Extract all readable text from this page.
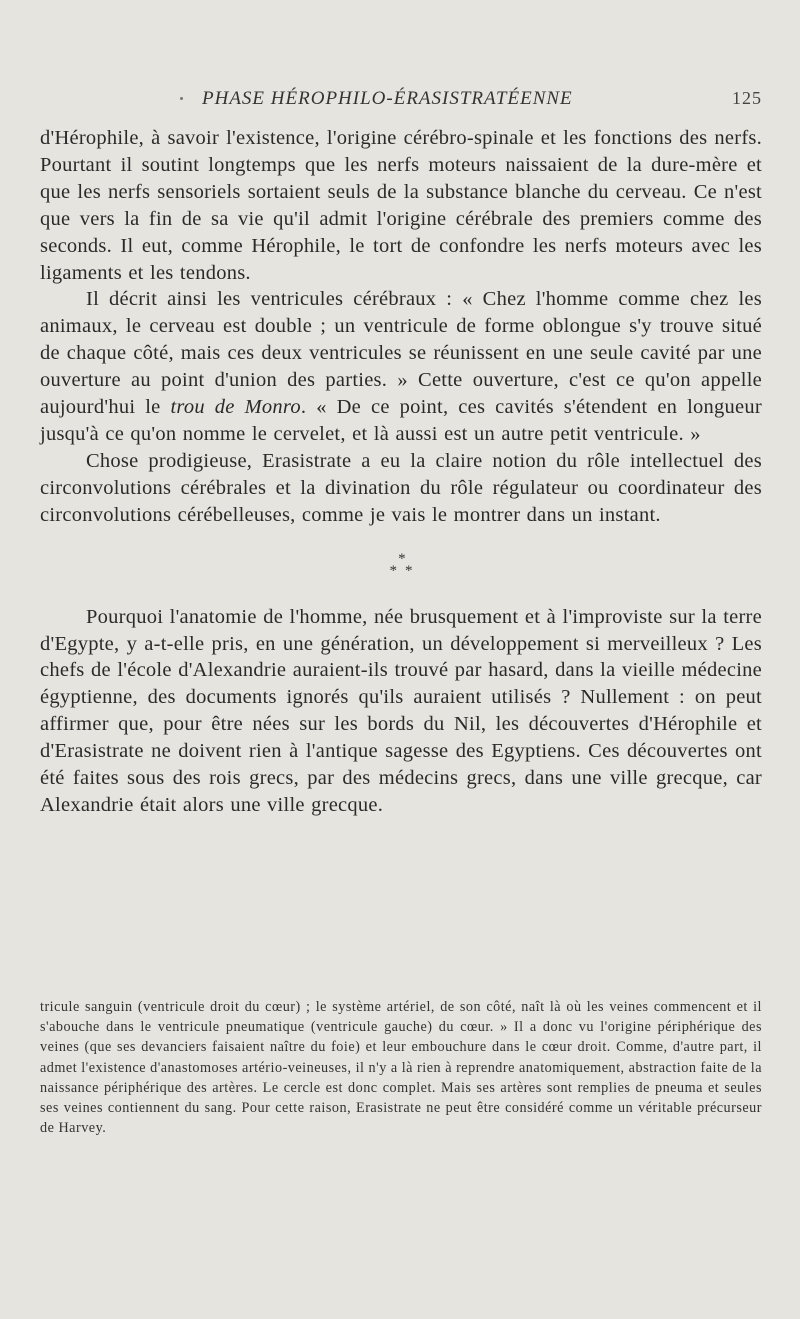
PHASE HÉROPHILO-ÉRASISTRATÉENNE	125

d'Hérophile, à savoir l'existence, l'origine cérébro-spinale et les fonctions des nerfs. Pourtant il soutint longtemps que les nerfs moteurs naissaient de la dure-mère et que les nerfs sensoriels sortaient seuls de la substance blanche du cerveau. Ce n'est que vers la fin de sa vie qu'il admit l'origine cérébrale des premiers comme des seconds. Il eut, comme Hérophile, le tort de confondre les nerfs moteurs avec les ligaments et les tendons.

Il décrit ainsi les ventricules cérébraux : « Chez l'homme comme chez les animaux, le cerveau est double ; un ventricule de forme oblongue s'y trouve situé de chaque côté, mais ces deux ventricules se réunissent en une seule cavité par une ouverture au point d'union des parties. » Cette ouverture, c'est ce qu'on appelle aujourd'hui le trou de Monro. « De ce point, ces cavités s'étendent en longueur jusqu'à ce qu'on nomme le cervelet, et là aussi est un autre petit ventricule. »

Chose prodigieuse, Erasistrate a eu la claire notion du rôle intellectuel des circonvolutions cérébrales et la divination du rôle régulateur ou coordinateur des circonvolutions cérébelleuses, comme je vais le montrer dans un instant.

*
**

Pourquoi l'anatomie de l'homme, née brusquement et à l'improviste sur la terre d'Egypte, y a-t-elle pris, en une génération, un développement si merveilleux ? Les chefs de l'école d'Alexandrie auraient-ils trouvé par hasard, dans la vieille médecine égyptienne, des documents ignorés qu'ils auraient utilisés ? Nullement : on peut affirmer que, pour être nées sur les bords du Nil, les découvertes d'Hérophile et d'Erasistrate ne doivent rien à l'antique sagesse des Egyptiens. Ces découvertes ont été faites sous des rois grecs, par des médecins grecs, dans une ville grecque, car Alexandrie était alors une ville grecque.

tricule sanguin (ventricule droit du cœur) ; le système artériel, de son côté, naît là où les veines commencent et il s'abouche dans le ventricule pneumatique (ventricule gauche) du cœur. » Il a donc vu l'origine périphérique des veines (que ses devanciers faisaient naître du foie) et leur embouchure dans le cœur droit. Comme, d'autre part, il admet l'existence d'anastomoses artério-veineuses, il n'y a là rien à reprendre anatomiquement, abstraction faite de la naissance périphérique des artères. Le cercle est donc complet. Mais ses artères sont remplies de pneuma et seules ses veines contiennent du sang. Pour cette raison, Erasistrate ne peut être considéré comme un véritable précurseur de Harvey.
